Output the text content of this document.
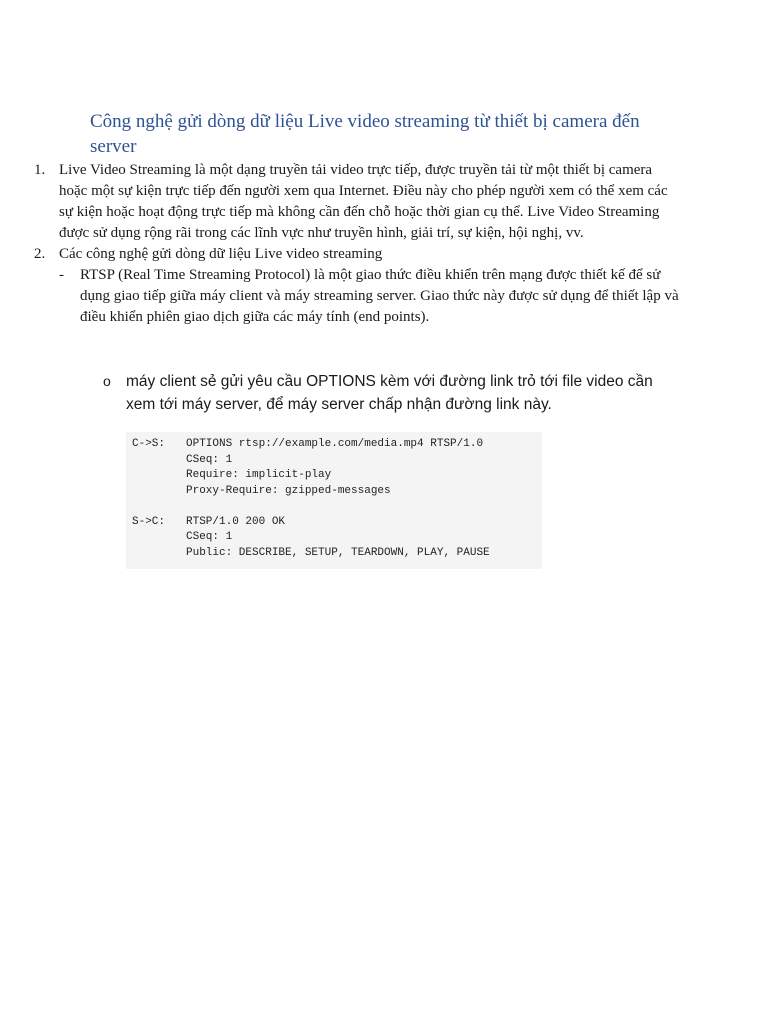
Công nghệ gửi dòng dữ liệu Live video streaming từ thiết bị camera đến server
1. Live Video Streaming là một dạng truyền tải video trực tiếp, được truyền tải từ một thiết bị camera hoặc một sự kiện trực tiếp đến người xem qua Internet. Điều này cho phép người xem có thể xem các sự kiện hoặc hoạt động trực tiếp mà không cần đến chỗ hoặc thời gian cụ thể. Live Video Streaming được sử dụng rộng rãi trong các lĩnh vực như truyền hình, giải trí, sự kiện, hội nghị, vv.
2. Các công nghệ gửi dòng dữ liệu Live video streaming
-	RTSP (Real Time Streaming Protocol) là một giao thức điều khiển trên mạng được thiết kế để sử dụng giao tiếp giữa máy client và máy streaming server. Giao thức này được sử dụng để thiết lập và điều khiển phiên giao dịch giữa các máy tính (end points).
o máy client sẻ gửi yêu cầu OPTIONS kèm với đường link trỏ tới file video cần xem tới máy server, để máy server chấp nhận đường link này.
C->S: OPTIONS rtsp://example.com/media.mp4 RTSP/1.0
CSeq: 1
Require: implicit-play
Proxy-Require: gzipped-messages
S->C: RTSP/1.0 200 OK
CSeq: 1
Public: DESCRIBE, SETUP, TEARDOWN, PLAY, PAUSE
